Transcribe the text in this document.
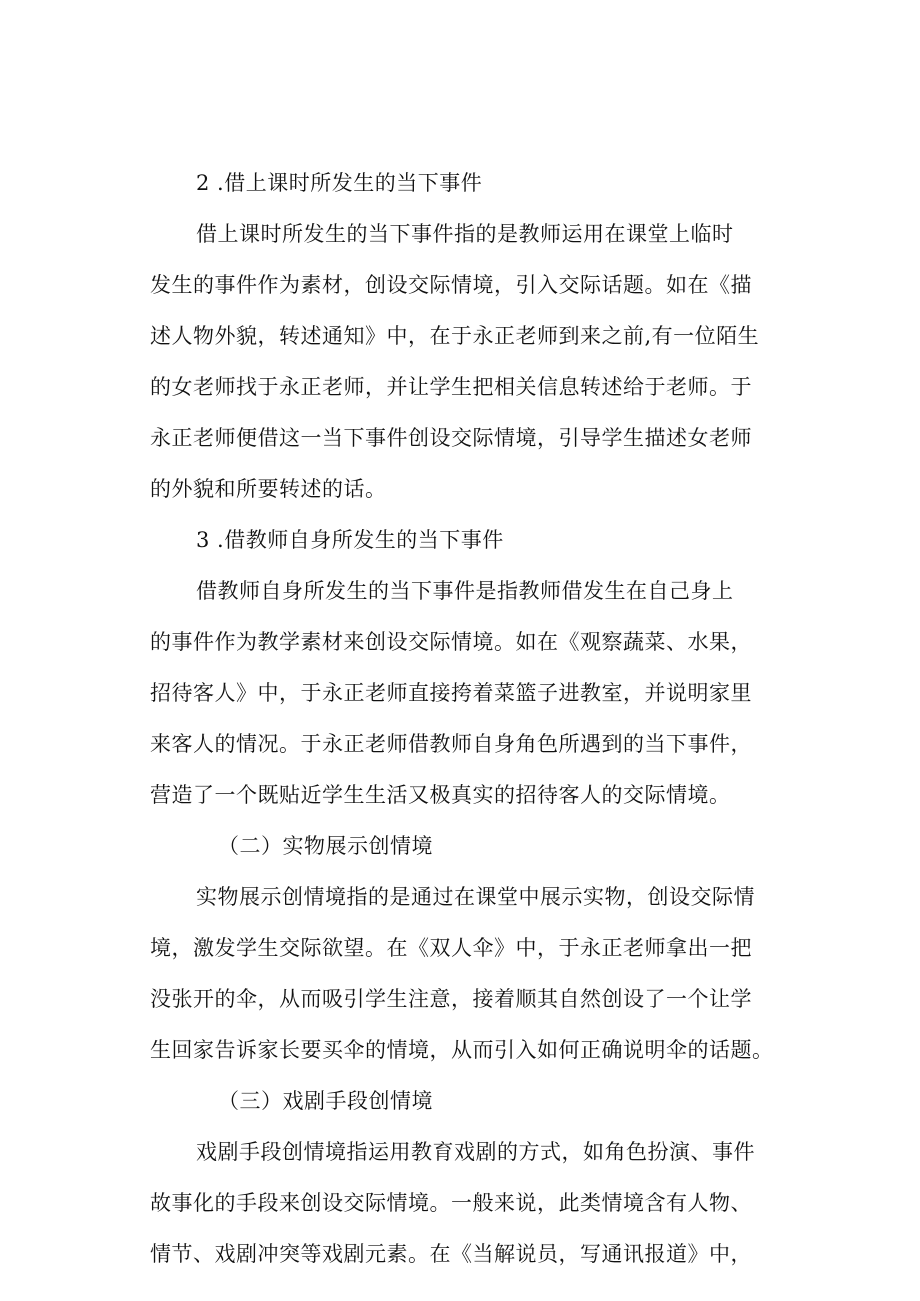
2 .借上课时所发生的当下事件
借上课时所发生的当下事件指的是教师运用在课堂上临时
发生的事件作为素材，创设交际情境，引入交际话题。如在《描
述人物外貌，转述通知》中，在于永正老师到来之前,有一位陌生
的女老师找于永正老师，并让学生把相关信息转述给于老师。于
永正老师便借这一当下事件创设交际情境，引导学生描述女老师
的外貌和所要转述的话。
3 .借教师自身所发生的当下事件
借教师自身所发生的当下事件是指教师借发生在自己身上
的事件作为教学素材来创设交际情境。如在《观察蔬菜、水果，
招待客人》中，于永正老师直接挎着菜篮子进教室，并说明家里
来客人的情况。于永正老师借教师自身角色所遇到的当下事件，
营造了一个既贴近学生生活又极真实的招待客人的交际情境。
（二）实物展示创情境
实物展示创情境指的是通过在课堂中展示实物，创设交际情
境，激发学生交际欲望。在《双人伞》中，于永正老师拿出一把
没张开的伞，从而吸引学生注意，接着顺其自然创设了一个让学
生回家告诉家长要买伞的情境，从而引入如何正确说明伞的话题。
（三）戏剧手段创情境
戏剧手段创情境指运用教育戏剧的方式，如角色扮演、事件
故事化的手段来创设交际情境。一般来说，此类情境含有人物、
情节、戏剧冲突等戏剧元素。在《当解说员，写通讯报道》中，
